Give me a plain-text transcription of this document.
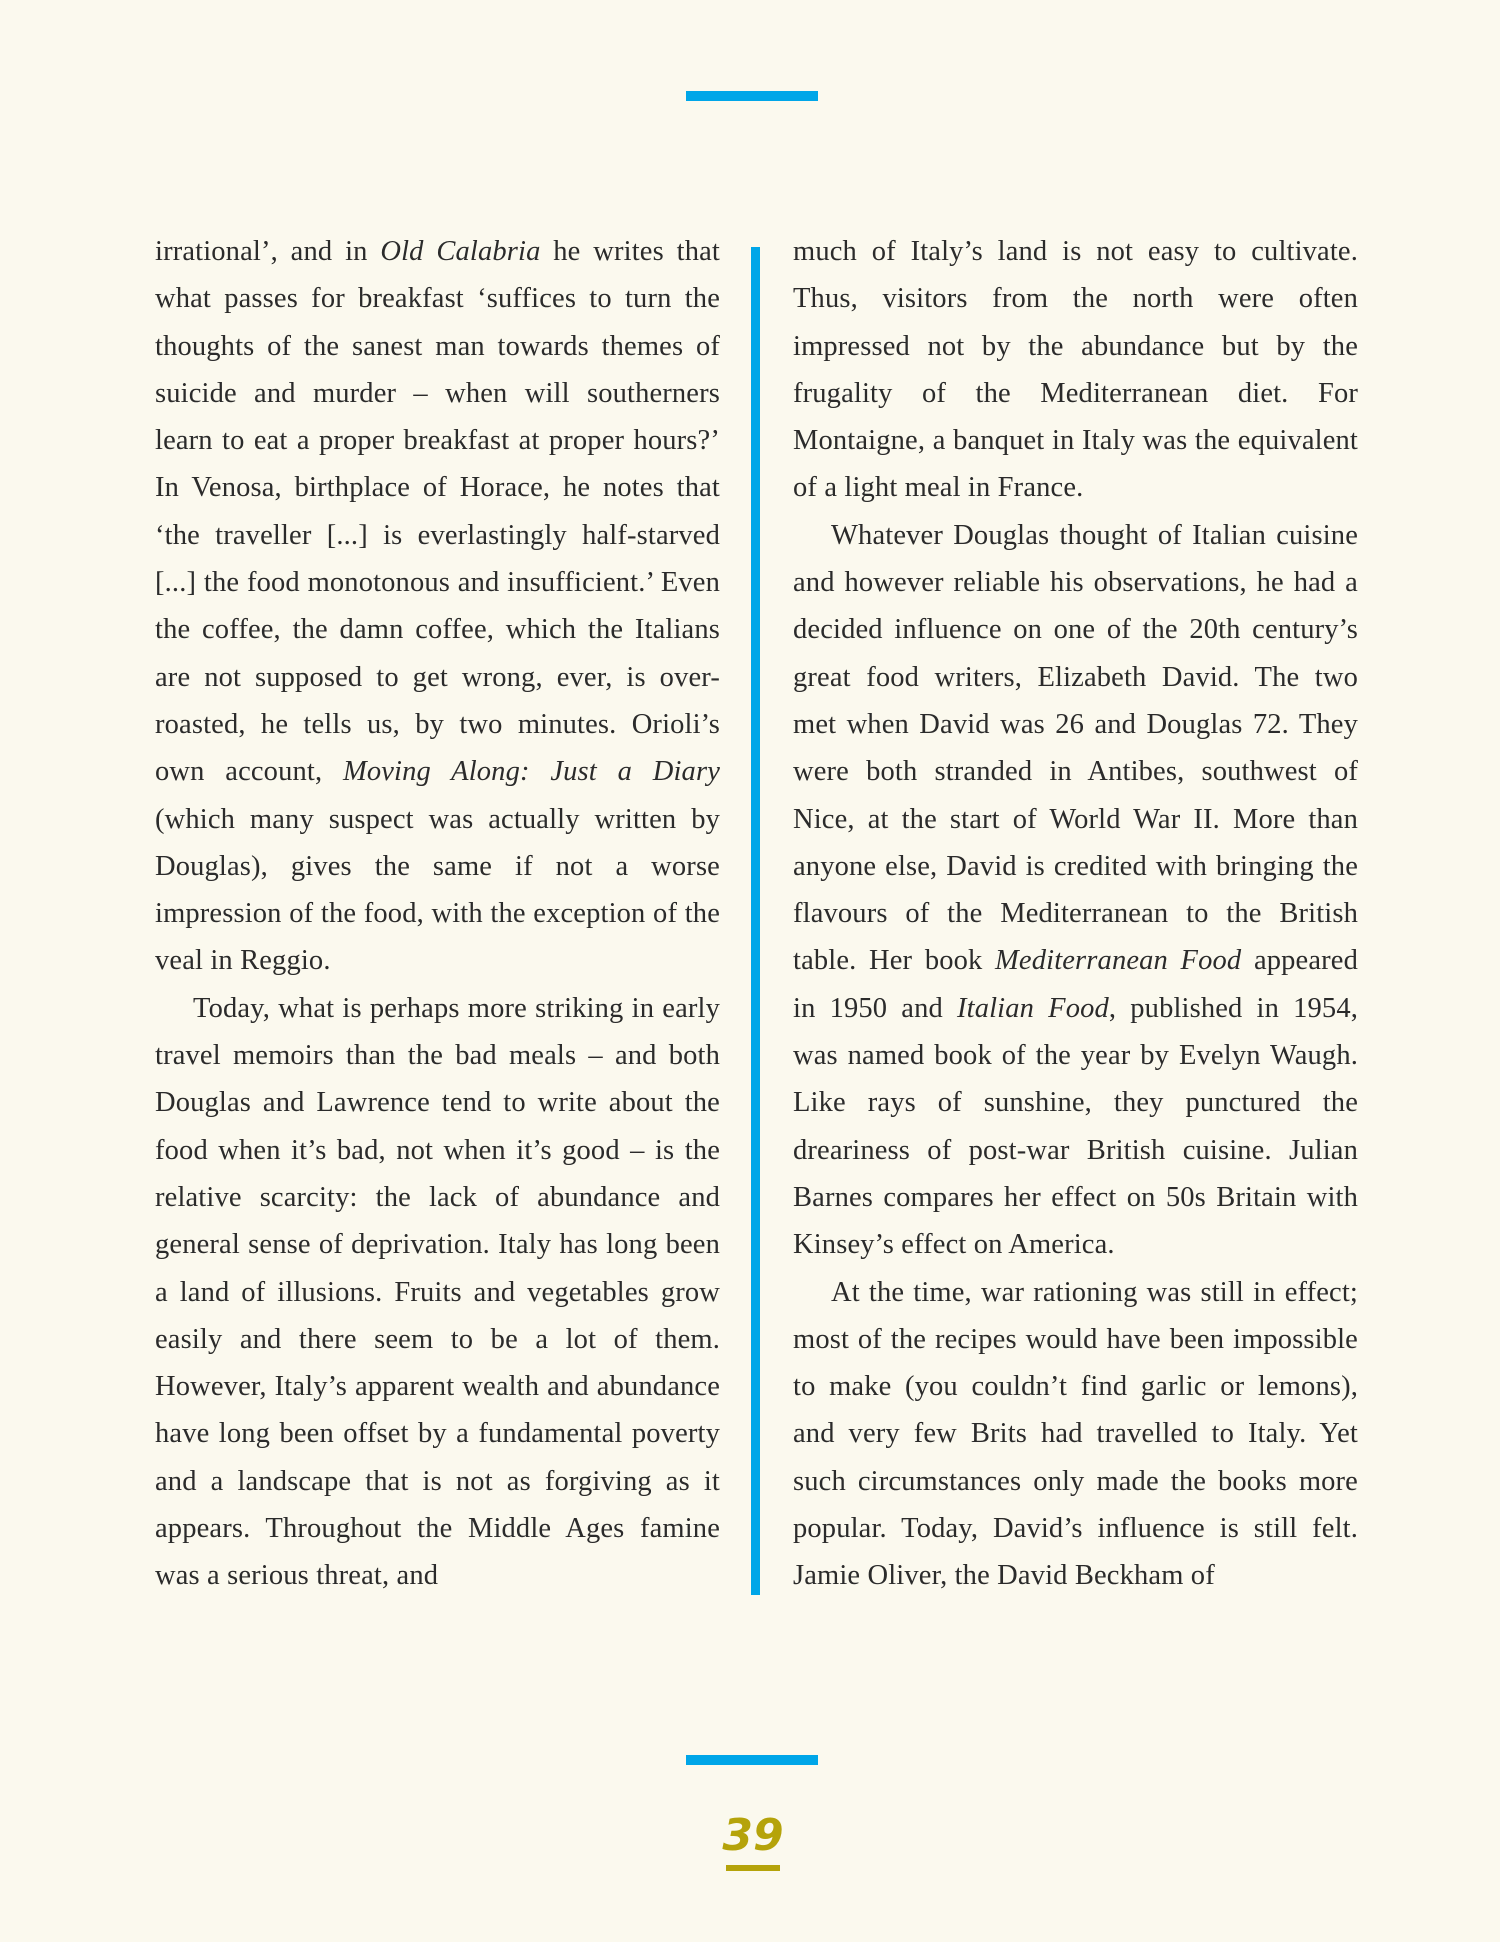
irrational’, and in Old Calabria he writes that what passes for breakfast ‘suffices to turn the thoughts of the sanest man towards themes of suicide and murder – when will southerners learn to eat a proper breakfast at proper hours?’ In Venosa, birthplace of Horace, he notes that ‘the traveller [...] is everlastingly half-starved [...] the food monotonous and insufficient.’ Even the coffee, the damn coffee, which the Italians are not supposed to get wrong, ever, is over-roasted, he tells us, by two minutes. Orioli’s own account, Moving Along: Just a Diary (which many suspect was actually written by Douglas), gives the same if not a worse impression of the food, with the exception of the veal in Reggio.

Today, what is perhaps more striking in early travel memoirs than the bad meals – and both Douglas and Lawrence tend to write about the food when it’s bad, not when it’s good – is the relative scarcity: the lack of abundance and general sense of deprivation. Italy has long been a land of illusions. Fruits and vegetables grow easily and there seem to be a lot of them. However, Italy’s apparent wealth and abundance have long been offset by a fundamental poverty and a landscape that is not as forgiving as it appears. Throughout the Middle Ages famine was a serious threat, and

much of Italy’s land is not easy to cultivate. Thus, visitors from the north were often impressed not by the abundance but by the frugality of the Mediterranean diet. For Montaigne, a banquet in Italy was the equivalent of a light meal in France.

Whatever Douglas thought of Italian cuisine and however reliable his observations, he had a decided influence on one of the 20th century’s great food writers, Elizabeth David. The two met when David was 26 and Douglas 72. They were both stranded in Antibes, southwest of Nice, at the start of World War II. More than anyone else, David is credited with bringing the flavours of the Mediterranean to the British table. Her book Mediterranean Food appeared in 1950 and Italian Food, published in 1954, was named book of the year by Evelyn Waugh. Like rays of sunshine, they punctured the dreariness of post-war British cuisine. Julian Barnes compares her effect on 50s Britain with Kinsey’s effect on America.

At the time, war rationing was still in effect; most of the recipes would have been impossible to make (you couldn’t find garlic or lemons), and very few Brits had travelled to Italy. Yet such circumstances only made the books more popular. Today, David’s influence is still felt. Jamie Oliver, the David Beckham of

39
